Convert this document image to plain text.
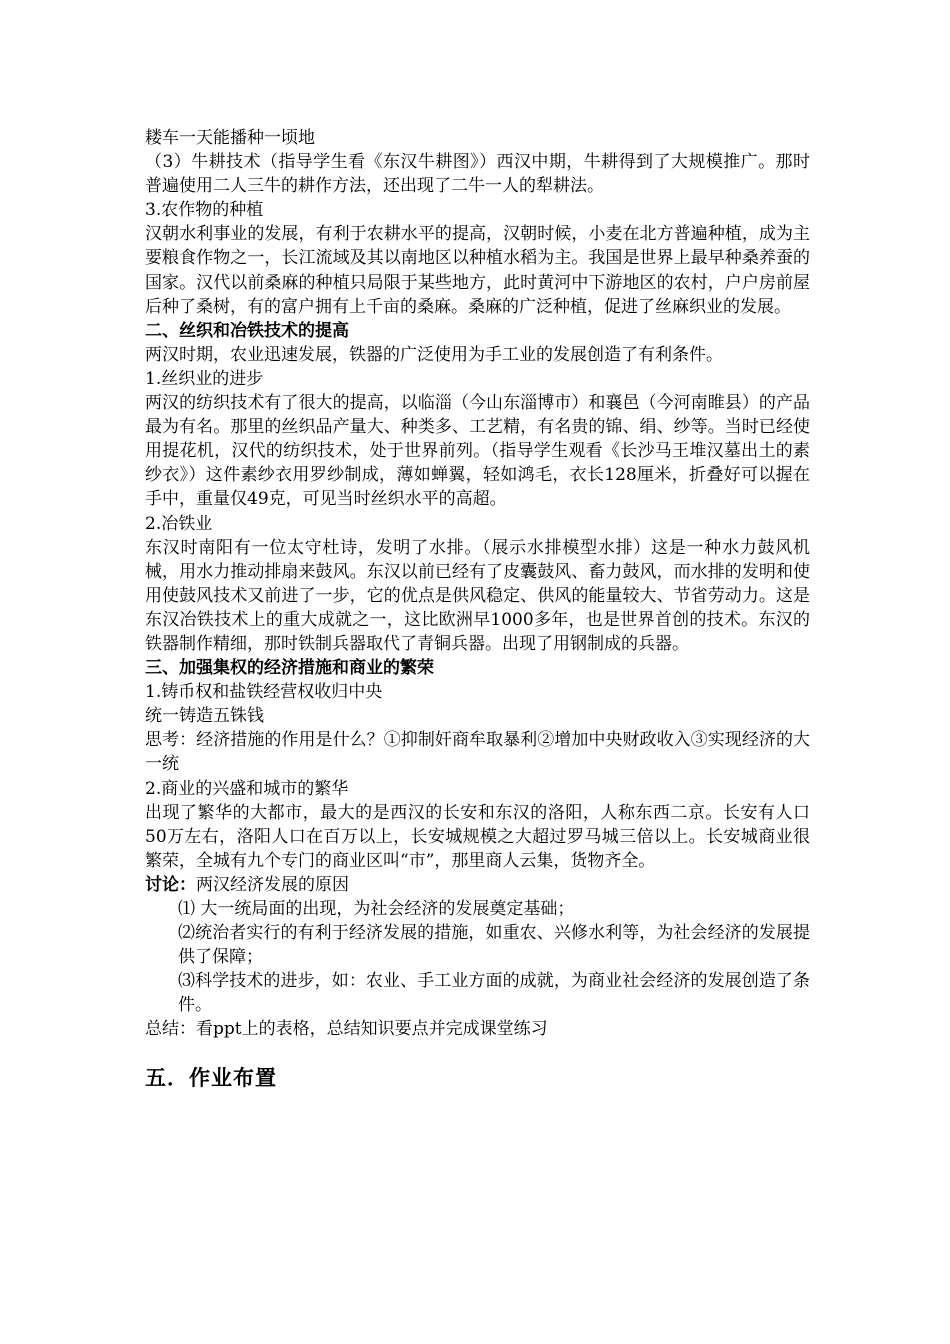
耧车一天能播种一顷地

（3）牛耕技术（指导学生看《东汉牛耕图》）西汉中期，牛耕得到了大规模推广。那时普遍使用二人三牛的耕作方法，还出现了二牛一人的犁耕法。

3.农作物的种植

汉朝水利事业的发展，有利于农耕水平的提高，汉朝时候，小麦在北方普遍种植，成为主要粮食作物之一，长江流域及其以南地区以种植水稻为主。我国是世界上最早种桑养蚕的国家。汉代以前桑麻的种植只局限于某些地方，此时黄河中下游地区的农村，户户房前屋后种了桑树，有的富户拥有上千亩的桑麻。桑麻的广泛种植，促进了丝麻织业的发展。

二、丝织和冶铁技术的提高

两汉时期，农业迅速发展，铁器的广泛使用为手工业的发展创造了有利条件。

1.丝织业的进步

两汉的纺织技术有了很大的提高，以临淄（今山东淄博市）和襄邑（今河南睢县）的产品最为有名。那里的丝织品产量大、种类多、工艺精，有名贵的锦、绢、纱等。当时已经使用提花机，汉代的纺织技术，处于世界前列。（指导学生观看《长沙马王堆汉墓出土的素纱衣》）这件素纱衣用罗纱制成，薄如蝉翼，轻如鸿毛，衣长128厘米，折叠好可以握在手中，重量仅49克，可见当时丝织水平的高超。

2.冶铁业

东汉时南阳有一位太守杜诗，发明了水排。（展示水排模型水排）这是一种水力鼓风机械，用水力推动排扇来鼓风。东汉以前已经有了皮囊鼓风、畜力鼓风，而水排的发明和使用使鼓风技术又前进了一步，它的优点是供风稳定、供风的能量较大、节省劳动力。这是东汉冶铁技术上的重大成就之一，这比欧洲早1000多年，也是世界首创的技术。东汉的铁器制作精细，那时铁制兵器取代了青铜兵器。出现了用钢制成的兵器。

三、加强集权的经济措施和商业的繁荣

1.铸币权和盐铁经营权收归中央

统一铸造五铢钱

思考：经济措施的作用是什么？①抑制奸商牟取暴利②增加中央财政收入③实现经济的大一统

2.商业的兴盛和城市的繁华

出现了繁华的大都市，最大的是西汉的长安和东汉的洛阳，人称东西二京。长安有人口50万左右，洛阳人口在百万以上，长安城规模之大超过罗马城三倍以上。长安城商业很繁荣，全城有九个专门的商业区叫“市”，那里商人云集，货物齐全。

讨论：两汉经济发展的原因

⑴ 大一统局面的出现，为社会经济的发展奠定基础；

⑵统治者实行的有利于经济发展的措施，如重农、兴修水利等，为社会经济的发展提供了保障；

⑶科学技术的进步，如：农业、手工业方面的成就，为商业社会经济的发展创造了条件。

总结：看ppt上的表格，总结知识要点并完成课堂练习

五．作业布置
